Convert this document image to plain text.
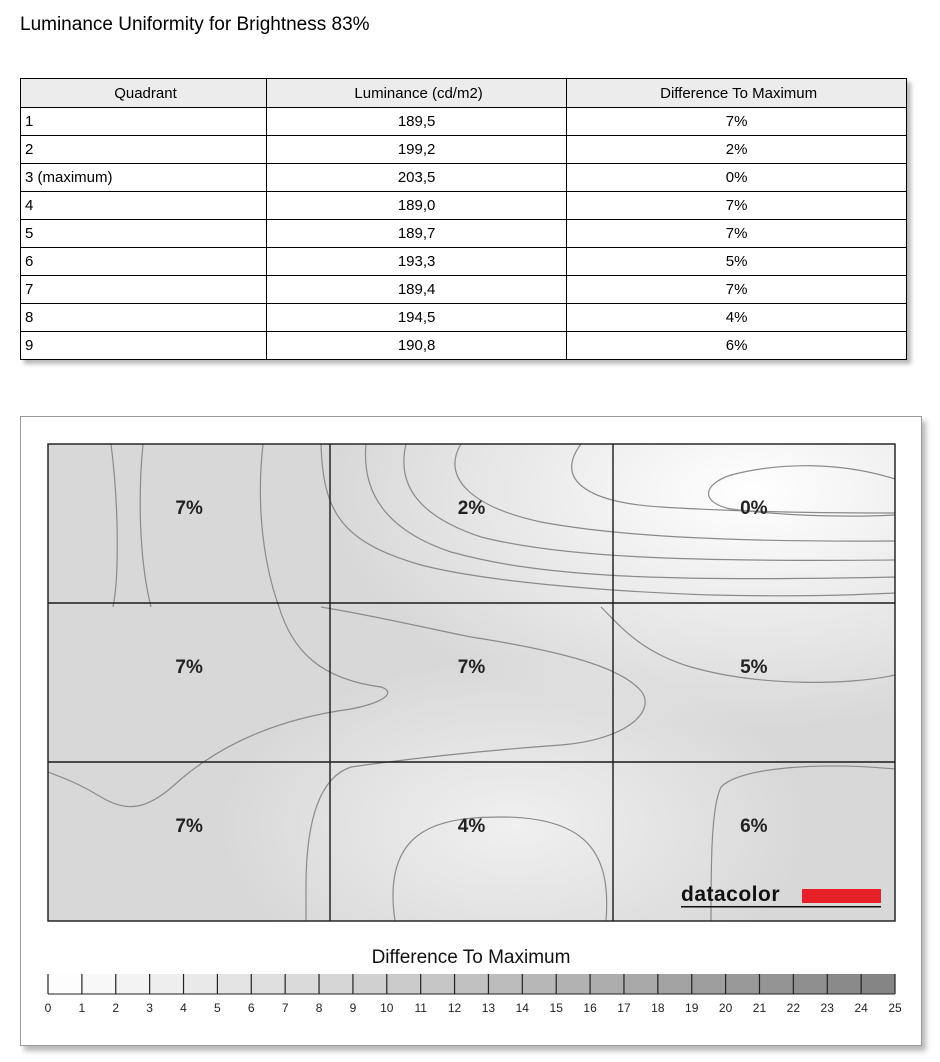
Luminance Uniformity for Brightness 83%
Quadrant	Luminance (cd/m2)	Difference To Maximum
1	189,5	7%
2	199,2	2%
3 (maximum)	203,5	0%
4	189,0	7%
5	189,7	7%
6	193,3	5%
7	189,4	7%
8	194,5	4%
9	190,8	6%
7%	2%	0%
7%	7%	5%
7%	4%	6%
datacolor
Difference To Maximum
0 1 2 3 4 5 6 7 8 9 10 11 12 13 14 15 16 17 18 19 20 21 22 23 24 25
